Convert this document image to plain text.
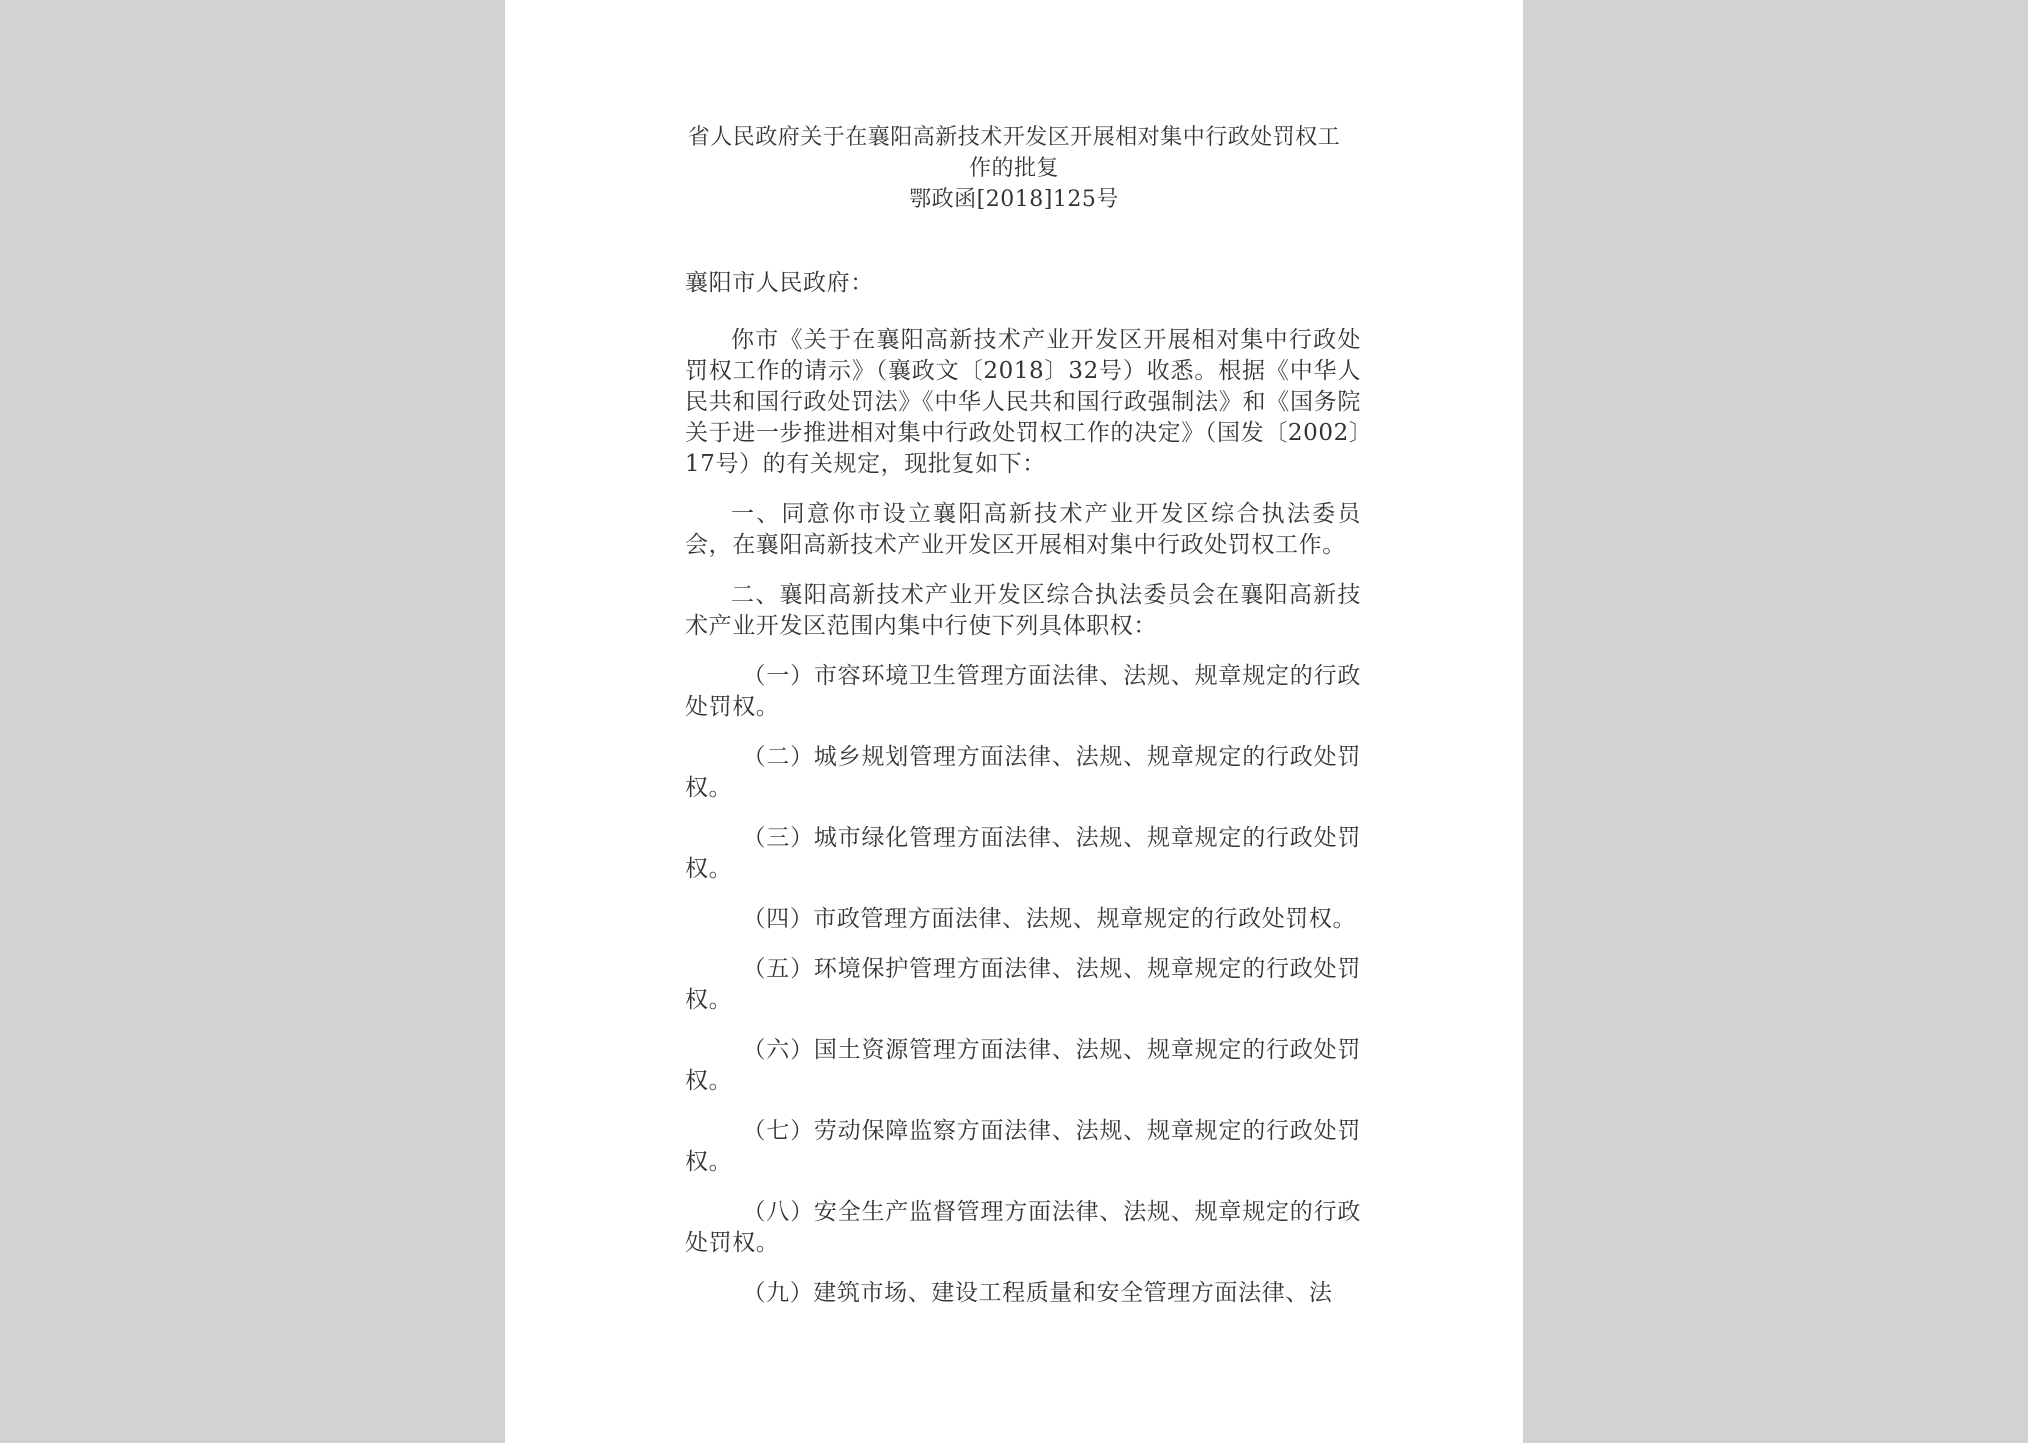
省人民政府关于在襄阳高新技术开发区开展相对集中行政处罚权工
作的批复
鄂政函[2018]125号

襄阳市人民政府：

你市《关于在襄阳高新技术产业开发区开展相对集中行政处罚权工作的请示》（襄政文〔2018〕32号）收悉。根据《中华人民共和国行政处罚法》《中华人民共和国行政强制法》和《国务院关于进一步推进相对集中行政处罚权工作的决定》（国发〔2002〕17号）的有关规定，现批复如下：

一、同意你市设立襄阳高新技术产业开发区综合执法委员会，在襄阳高新技术产业开发区开展相对集中行政处罚权工作。

二、襄阳高新技术产业开发区综合执法委员会在襄阳高新技术产业开发区范围内集中行使下列具体职权：

（一）市容环境卫生管理方面法律、法规、规章规定的行政处罚权。

（二）城乡规划管理方面法律、法规、规章规定的行政处罚权。

（三）城市绿化管理方面法律、法规、规章规定的行政处罚权。

（四）市政管理方面法律、法规、规章规定的行政处罚权。

（五）环境保护管理方面法律、法规、规章规定的行政处罚权。

（六）国土资源管理方面法律、法规、规章规定的行政处罚权。

（七）劳动保障监察方面法律、法规、规章规定的行政处罚权。

（八）安全生产监督管理方面法律、法规、规章规定的行政处罚权。

（九）建筑市场、建设工程质量和安全管理方面法律、法
